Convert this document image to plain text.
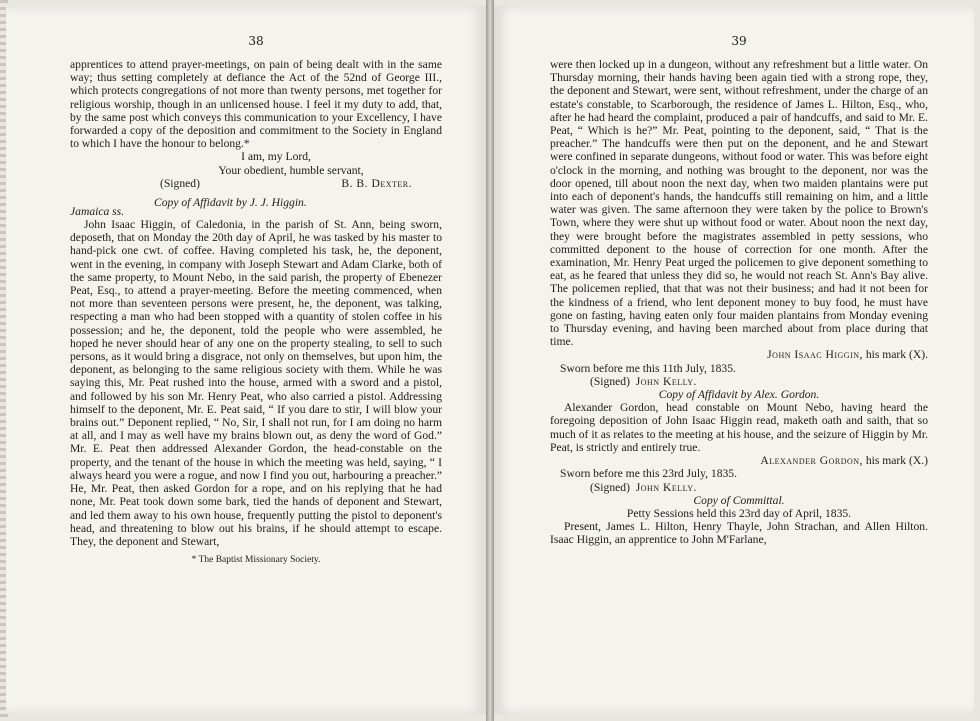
38

apprentices to attend prayer-meetings, on pain of being dealt with in the same way; thus setting completely at defiance the Act of the 52nd of George III., which protects congregations of not more than twenty persons, met together for religious worship, though in an unlicensed house. I feel it my duty to add, that, by the same post which conveys this communication to your Excellency, I have forwarded a copy of the deposition and commitment to the Society in England to which I have the honour to belong.*

I am, my Lord,

Your obedient, humble servant,

(Signed)	B. B. Dexter.
Jamaica ss.
Copy of Affidavit by J. J. Higgin.

John Isaac Higgin, of Caledonia, in the parish of St. Ann, being sworn, deposeth, that on Monday the 20th day of April, he was tasked by his master to hand-pick one cwt. of coffee. Having completed his task, he, the deponent, went in the evening, in company with Joseph Stewart and Adam Clarke, both of the same property, to Mount Nebo, in the said parish, the property of Ebenezer Peat, Esq., to attend a prayer-meeting. Before the meeting commenced, when not more than seventeen persons were present, he, the deponent, was talking, respecting a man who had been stopped with a quantity of stolen coffee in his possession; and he, the deponent, told the people who were assembled, he hoped he never should hear of any one on the property stealing, to sell to such persons, as it would bring a disgrace, not only on themselves, but upon him, the deponent, as belonging to the same religious society with them. While he was saying this, Mr. Peat rushed into the house, armed with a sword and a pistol, and followed by his son Mr. Henry Peat, who also carried a pistol. Addressing himself to the deponent, Mr. E. Peat said, “ If you dare to stir, I will blow your brains out.” Deponent replied, “ No, Sir, I shall not run, for I am doing no harm at all, and I may as well have my brains blown out, as deny the word of God.” Mr. E. Peat then addressed Alexander Gordon, the head-constable on the property, and the tenant of the house in which the meeting was held, saying, “ I always heard you were a rogue, and now I find you out, harbouring a preacher.” He, Mr. Peat, then asked Gordon for a rope, and on his replying that he had none, Mr. Peat took down some bark, tied the hands of deponent and Stewart, and led them away to his own house, frequently putting the pistol to deponent's head, and threatening to blow out his brains, if he should attempt to escape. They, the deponent and Stewart,

* The Baptist Missionary Society.
39

were then locked up in a dungeon, without any refreshment but a little water. On Thursday morning, their hands having been again tied with a strong rope, they, the deponent and Stewart, were sent, without refreshment, under the charge of an estate's constable, to Scarborough, the residence of James L. Hilton, Esq., who, after he had heard the complaint, produced a pair of handcuffs, and said to Mr. E. Peat, “ Which is he?” Mr. Peat, pointing to the deponent, said, “ That is the preacher.” The handcuffs were then put on the deponent, and he and Stewart were confined in separate dungeons, without food or water. This was before eight o'clock in the morning, and nothing was brought to the deponent, nor was the door opened, till about noon the next day, when two maiden plantains were put into each of deponent's hands, the handcuffs still remaining on him, and a little water was given. The same afternoon they were taken by the police to Brown's Town, where they were shut up without food or water. About noon the next day, they were brought before the magistrates assembled in petty sessions, who committed deponent to the house of correction for one month. After the examination, Mr. Henry Peat urged the policemen to give deponent something to eat, as he feared that unless they did so, he would not reach St. Ann's Bay alive. The policemen replied, that that was not their business; and had it not been for the kindness of a friend, who lent deponent money to buy food, he must have gone on fasting, having eaten only four maiden plantains from Monday evening to Thursday evening, and having been marched about from place during that time.

John Isaac Higgin, his mark (X).

Sworn before me this 11th July, 1835.

(Signed) John Kelly.

Copy of Affidavit by Alex. Gordon.

Alexander Gordon, head constable on Mount Nebo, having heard the foregoing deposition of John Isaac Higgin read, maketh oath and saith, that so much of it as relates to the meeting at his house, and the seizure of Higgin by Mr. Peat, is strictly and entirely true.

Alexander Gordon, his mark (X.)

Sworn before me this 23rd July, 1835.

(Signed) John Kelly.

Copy of Committal.

Petty Sessions held this 23rd day of April, 1835.

Present, James L. Hilton, Henry Thayle, John Strachan, and Allen Hilton. Isaac Higgin, an apprentice to John M'Farlane,
